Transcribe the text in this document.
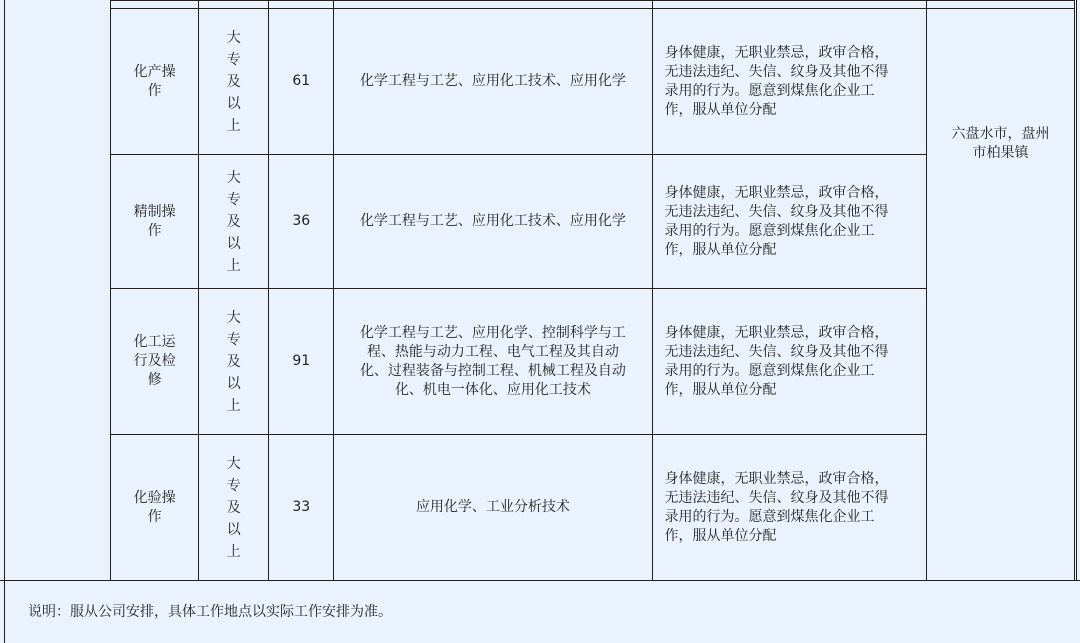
	化产操作	大专及以上	61	化学工程与工艺、应用化工技术、应用化学	身体健康，无职业禁忌，政审合格，无违法违纪、失信、纹身及其他不得录用的行为。愿意到煤焦化企业工作，服从单位分配	六盘水市，盘州市柏果镇	
	精制操作	大专及以上	36	化学工程与工艺、应用化工技术、应用化学	身体健康，无职业禁忌，政审合格，无违法违纪、失信、纹身及其他不得录用的行为。愿意到煤焦化企业工作，服从单位分配		
	化工运行及检修	大专及以上	91	化学工程与工艺、应用化学、控制科学与工程、热能与动力工程、电气工程及其自动化、过程装备与控制工程、机械工程及自动化、机电一体化、应用化工技术	身体健康，无职业禁忌，政审合格，无违法违纪、失信、纹身及其他不得录用的行为。愿意到煤焦化企业工作，服从单位分配		
	化验操作	大专及以上	33	应用化学、工业分析技术	身体健康，无职业禁忌，政审合格，无违法违纪、失信、纹身及其他不得录用的行为。愿意到煤焦化企业工作，服从单位分配		
说明：服从公司安排，具体工作地点以实际工作安排为准。
